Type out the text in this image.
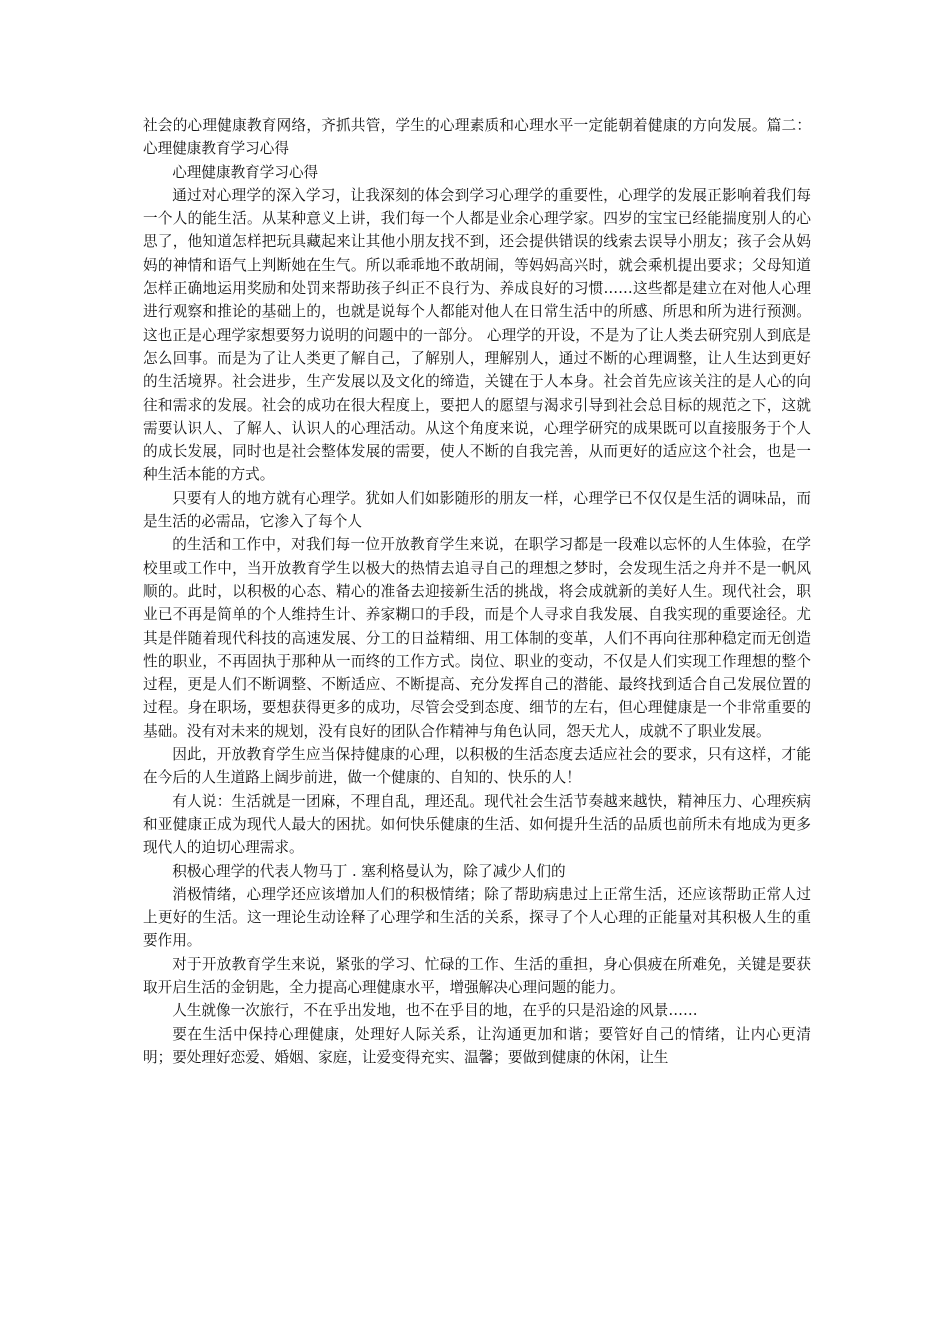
社会的心理健康教育网络，齐抓共管，学生的心理素质和心理水平一定能朝着健康的方向发展。篇二：心理健康教育学习心得

心理健康教育学习心得

通过对心理学的深入学习，让我深刻的体会到学习心理学的重要性，心理学的发展正影响着我们每一个人的能生活。从某种意义上讲，我们每一个人都是业余心理学家。四岁的宝宝已经能揣度别人的心思了，他知道怎样把玩具藏起来让其他小朋友找不到，还会提供错误的线索去误导小朋友；孩子会从妈妈的神情和语气上判断她在生气。所以乖乖地不敢胡闹，等妈妈高兴时，就会乘机提出要求；父母知道怎样正确地运用奖励和处罚来帮助孩子纠正不良行为、养成良好的习惯……这些都是建立在对他人心理进行观察和推论的基础上的，也就是说每个人都能对他人在日常生活中的所感、所思和所为进行预测。这也正是心理学家想要努力说明的问题中的一部分。 心理学的开设，不是为了让人类去研究别人到底是怎么回事。而是为了让人类更了解自己，了解别人，理解别人，通过不断的心理调整，让人生达到更好的生活境界。社会进步，生产发展以及文化的缔造，关键在于人本身。社会首先应该关注的是人心的向往和需求的发展。社会的成功在很大程度上，要把人的愿望与渴求引导到社会总目标的规范之下，这就需要认识人、了解人、认识人的心理活动。从这个角度来说，心理学研究的成果既可以直接服务于个人的成长发展，同时也是社会整体发展的需要，使人不断的自我完善，从而更好的适应这个社会，也是一种生活本能的方式。

只要有人的地方就有心理学。犹如人们如影随形的朋友一样，心理学已不仅仅是生活的调味品，而是生活的必需品，它渗入了每个人

的生活和工作中，对我们每一位开放教育学生来说，在职学习都是一段难以忘怀的人生体验，在学校里或工作中，当开放教育学生以极大的热情去追寻自己的理想之梦时，会发现生活之舟并不是一帆风顺的。此时，以积极的心态、精心的准备去迎接新生活的挑战，将会成就新的美好人生。现代社会，职业已不再是简单的个人维持生计、养家糊口的手段，而是个人寻求自我发展、自我实现的重要途径。尤其是伴随着现代科技的高速发展、分工的日益精细、用工体制的变革，人们不再向往那种稳定而无创造性的职业，不再固执于那种从一而终的工作方式。岗位、职业的变动，不仅是人们实现工作理想的整个过程，更是人们不断调整、不断适应、不断提高、充分发挥自己的潜能、最终找到适合自己发展位置的过程。身在职场，要想获得更多的成功，尽管会受到态度、细节的左右，但心理健康是一个非常重要的基础。没有对未来的规划，没有良好的团队合作精神与角色认同，怨天尤人，成就不了职业发展。

因此，开放教育学生应当保持健康的心理，以积极的生活态度去适应社会的要求，只有这样，才能在今后的人生道路上阔步前进，做一个健康的、自知的、快乐的人！

有人说：生活就是一团麻，不理自乱，理还乱。现代社会生活节奏越来越快，精神压力、心理疾病和亚健康正成为现代人最大的困扰。如何快乐健康的生活、如何提升生活的品质也前所未有地成为更多现代人的迫切心理需求。

积极心理学的代表人物马丁 . 塞利格曼认为，除了减少人们的

消极情绪，心理学还应该增加人们的积极情绪；除了帮助病患过上正常生活，还应该帮助正常人过上更好的生活。这一理论生动诠释了心理学和生活的关系，探寻了个人心理的正能量对其积极人生的重要作用。

对于开放教育学生来说，紧张的学习、忙碌的工作、生活的重担，身心俱疲在所难免，关键是要获取开启生活的金钥匙，全力提高心理健康水平，增强解决心理问题的能力。

人生就像一次旅行，不在乎出发地，也不在乎目的地，在乎的只是沿途的风景……

要在生活中保持心理健康，处理好人际关系，让沟通更加和谐；要管好自己的情绪，让内心更清明；要处理好恋爱、婚姻、家庭，让爱变得充实、温馨；要做到健康的休闲，让生
